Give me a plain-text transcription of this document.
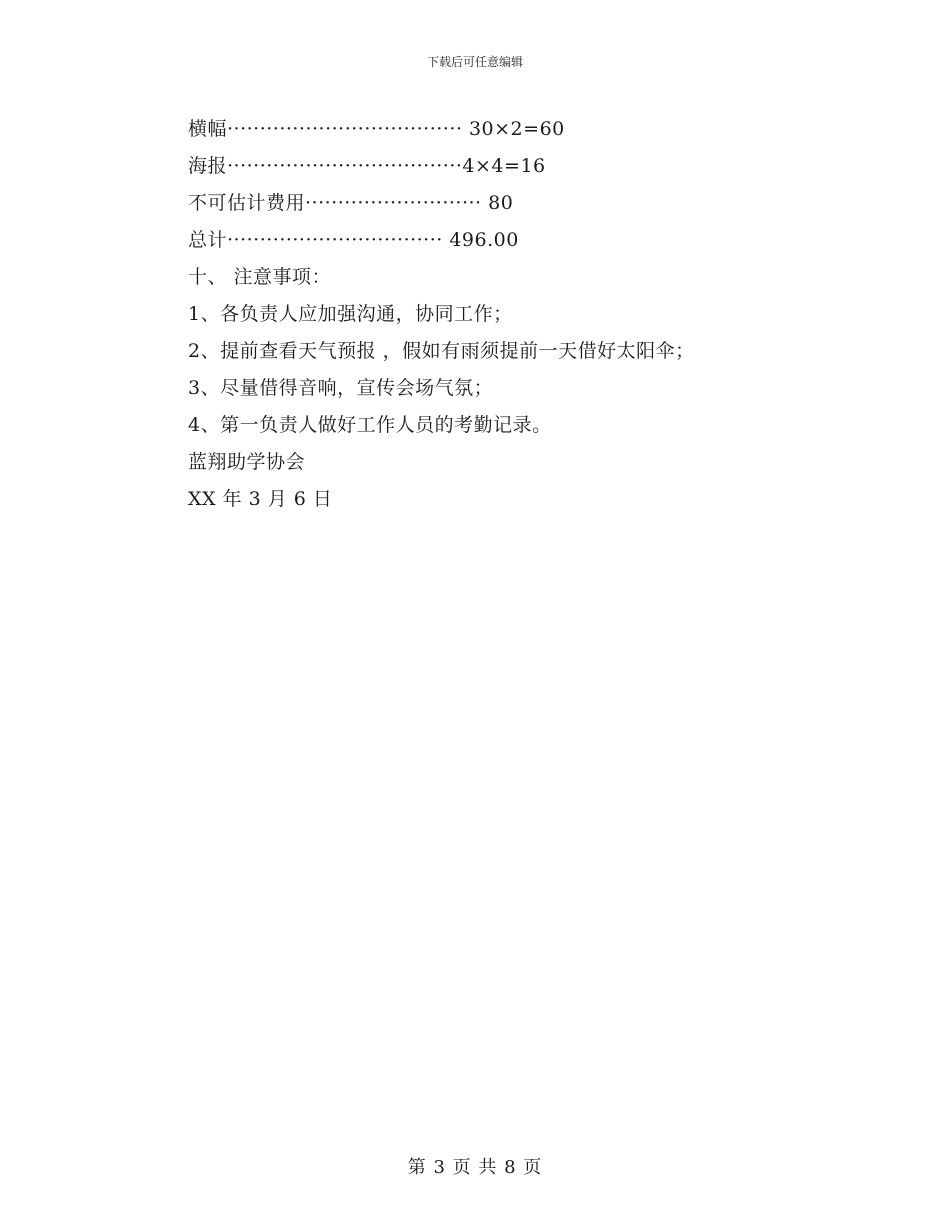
下载后可任意编辑
横幅···································· 30×2=60
海报····································4×4=16
不可估计费用··························· 80
总计································· 496.00
十、 注意事项：
1、各负责人应加强沟通，协同工作；
2、提前查看天气预报 ，假如有雨须提前一天借好太阳伞；
3、尽量借得音响，宣传会场气氛；
4、第一负责人做好工作人员的考勤记录。
蓝翔助学协会
XX 年 3 月 6 日
第 3 页 共 8 页
